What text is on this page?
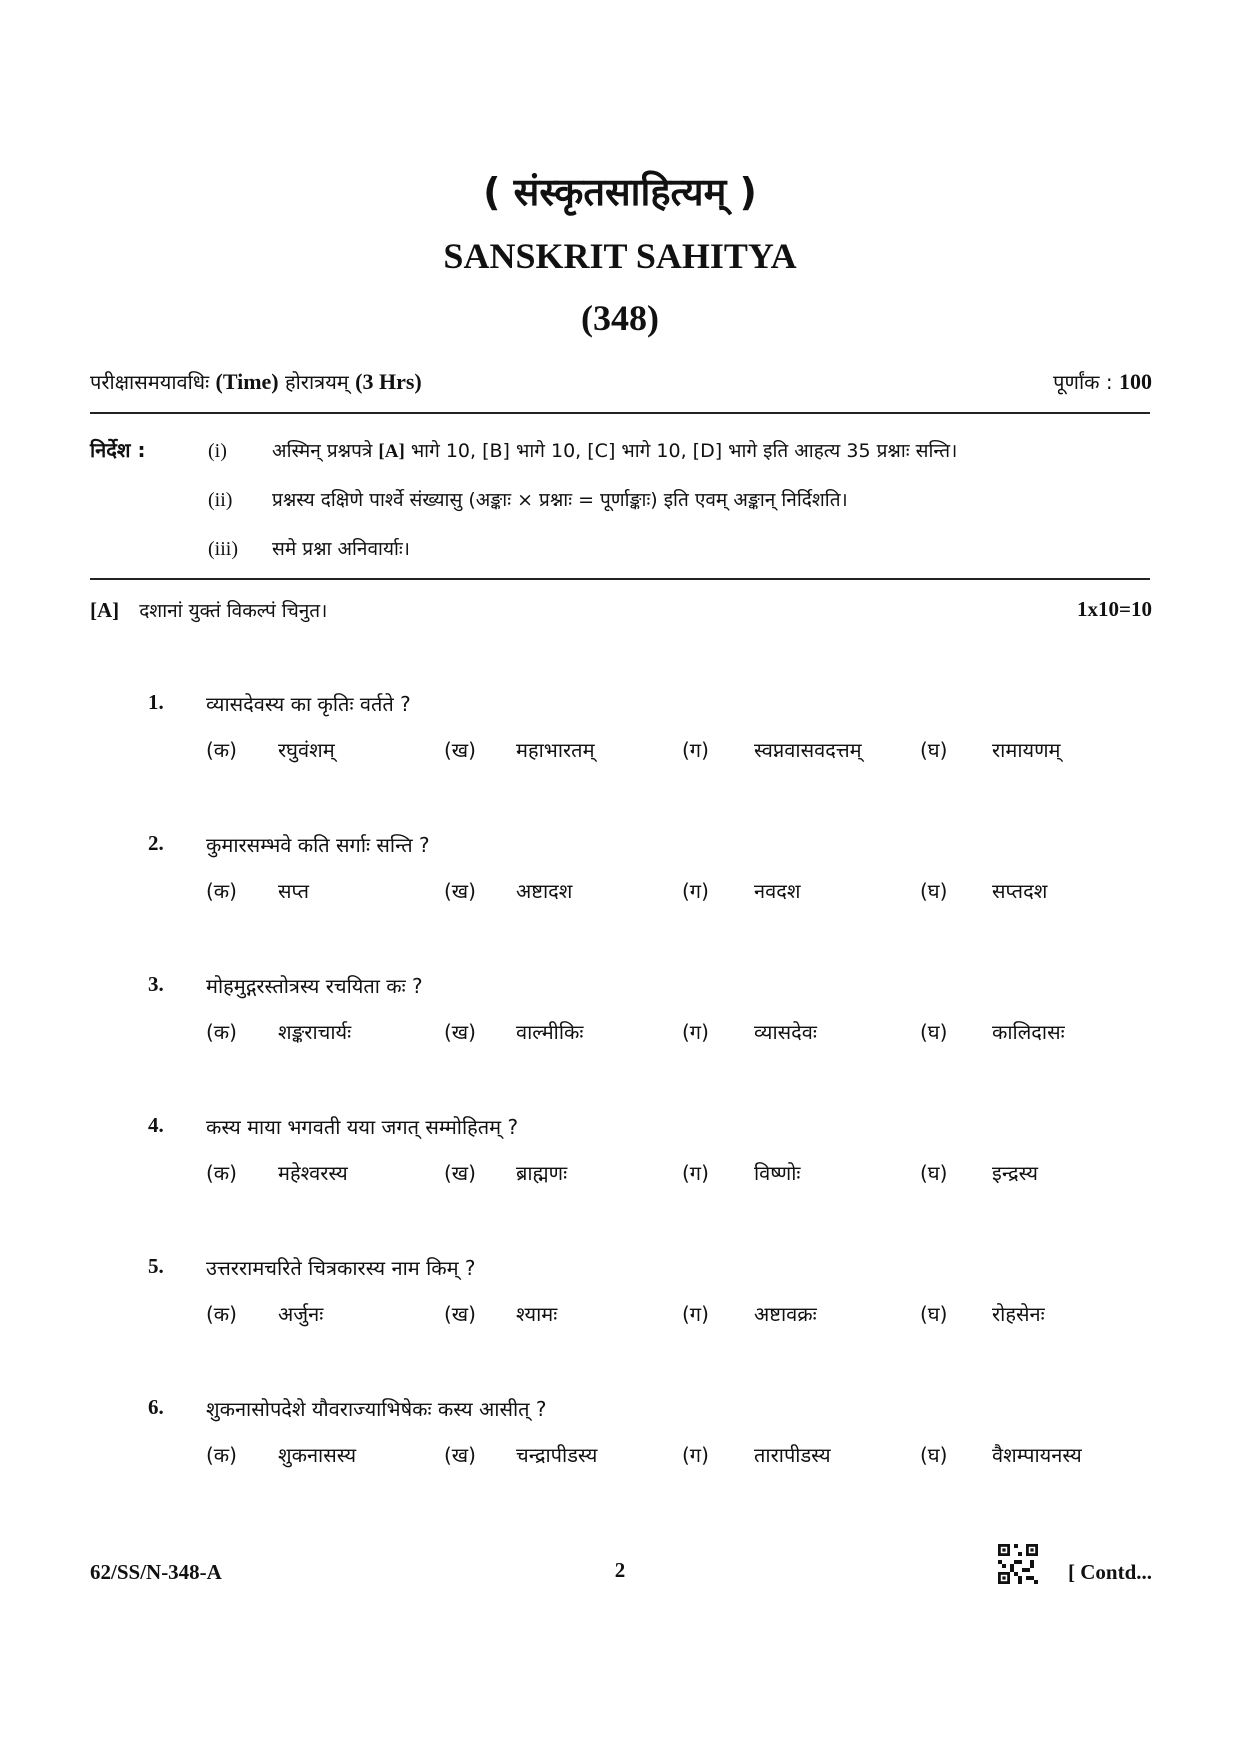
( संस्कृतसाहित्यम् )
SANSKRIT SAHITYA
(348)
परीक्षासमयावधिः (Time) होरात्रयम् (3 Hrs)	पूर्णांक : 100
निर्देश :	(i) अस्मिन् प्रश्नपत्रे [A] भागे 10, [B] भागे 10, [C] भागे 10, [D] भागे इति आहत्य 35 प्रश्नाः सन्ति।
(ii) प्रश्नस्य दक्षिणे पार्श्वे संख्यासु (अङ्काः × प्रश्नाः = पूर्णाङ्काः) इति एवम् अङ्कान् निर्दिशति।
(iii) समे प्रश्ना अनिवार्याः।
[A] दशानां युक्तं विकल्पं चिनुत।	1x10=10
1. व्यासदेवस्य का कृतिः वर्तते ?
(क) रघुवंशम्	(ख) महाभारतम्	(ग) स्वप्नवासवदत्तम्	(घ) रामायणम्
2. कुमारसम्भवे कति सर्गाः सन्ति ?
(क) सप्त	(ख) अष्टादश	(ग) नवदश	(घ) सप्तदश
3. मोहमुद्गरस्तोत्रस्य रचयिता कः ?
(क) शङ्कराचार्यः	(ख) वाल्मीकिः	(ग) व्यासदेवः	(घ) कालिदासः
4. कस्य माया भगवती यया जगत् सम्मोहितम् ?
(क) महेश्वरस्य	(ख) ब्राह्मणः	(ग) विष्णोः	(घ) इन्द्रस्य
5. उत्तररामचरिते चित्रकारस्य नाम किम् ?
(क) अर्जुनः	(ख) श्यामः	(ग) अष्टावक्रः	(घ) रोहसेनः
6. शुकनासोपदेशे यौवराज्याभिषेकः कस्य आसीत् ?
(क) शुकनासस्य	(ख) चन्द्रापीडस्य	(ग) तारापीडस्य	(घ) वैशम्पायनस्य
62/SS/N-348-A	2	[ Contd...
